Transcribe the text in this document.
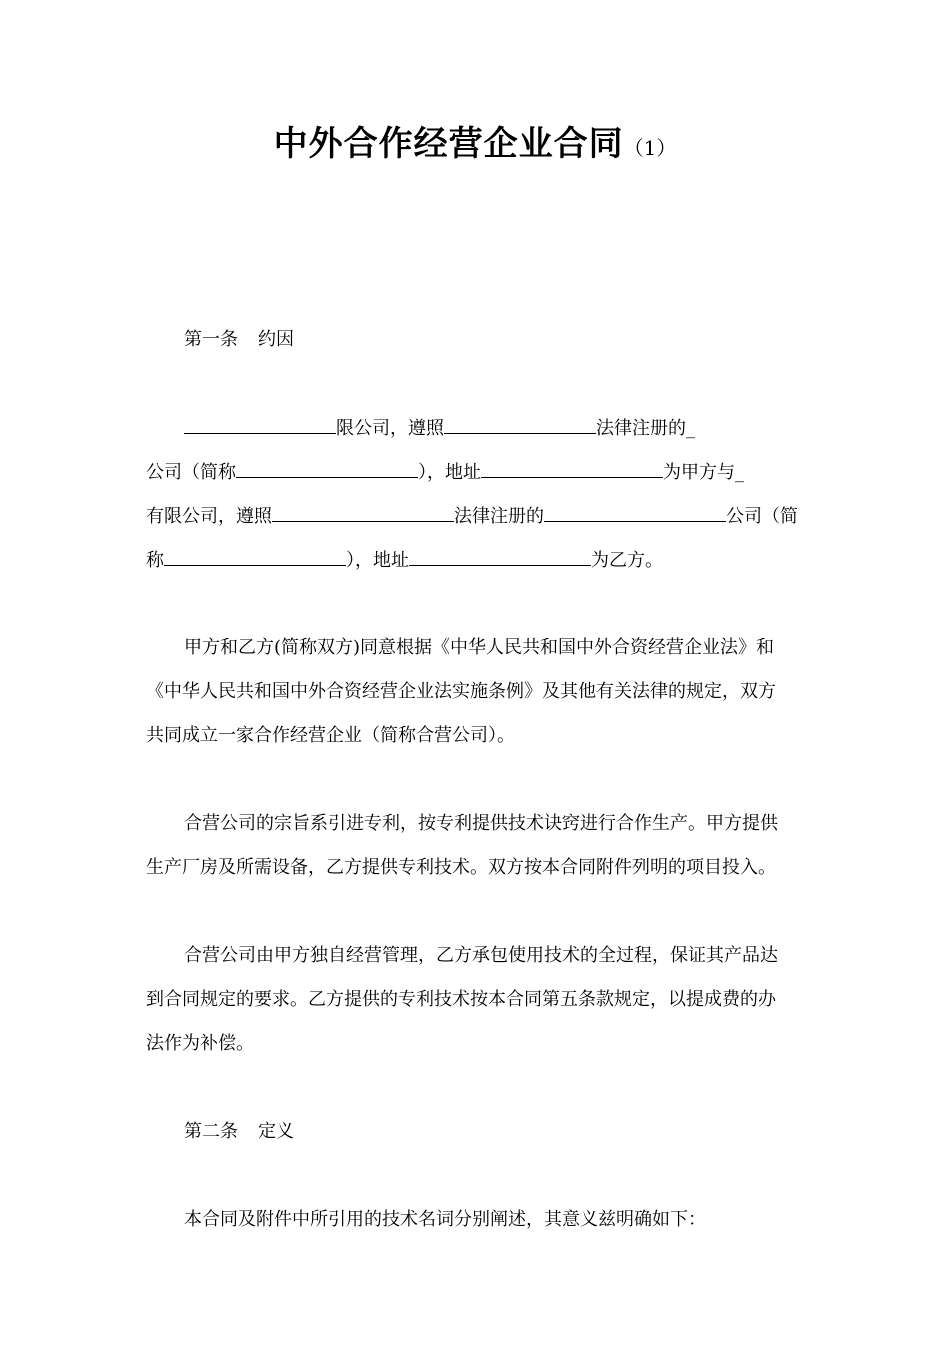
中外合作经营企业合同（1）
第一条 约因
限公司，遵照	法律注册的_
公司（简称	），地址	为甲方与_
有限公司，遵照	法律注册的	公司（简
称	），地址	为乙方。
甲方和乙方(简称双方)同意根据《中华人民共和国中外合资经营企业法》和
《中华人民共和国中外合资经营企业法实施条例》及其他有关法律的规定，双方
共同成立一家合作经营企业（简称合营公司）。
合营公司的宗旨系引进专利，按专利提供技术诀窍进行合作生产。甲方提供
生产厂房及所需设备，乙方提供专利技术。双方按本合同附件列明的项目投入。
合营公司由甲方独自经营管理，乙方承包使用技术的全过程，保证其产品达
到合同规定的要求。乙方提供的专利技术按本合同第五条款规定，以提成费的办
法作为补偿。
第二条 定义
本合同及附件中所引用的技术名词分别阐述，其意义兹明确如下：
